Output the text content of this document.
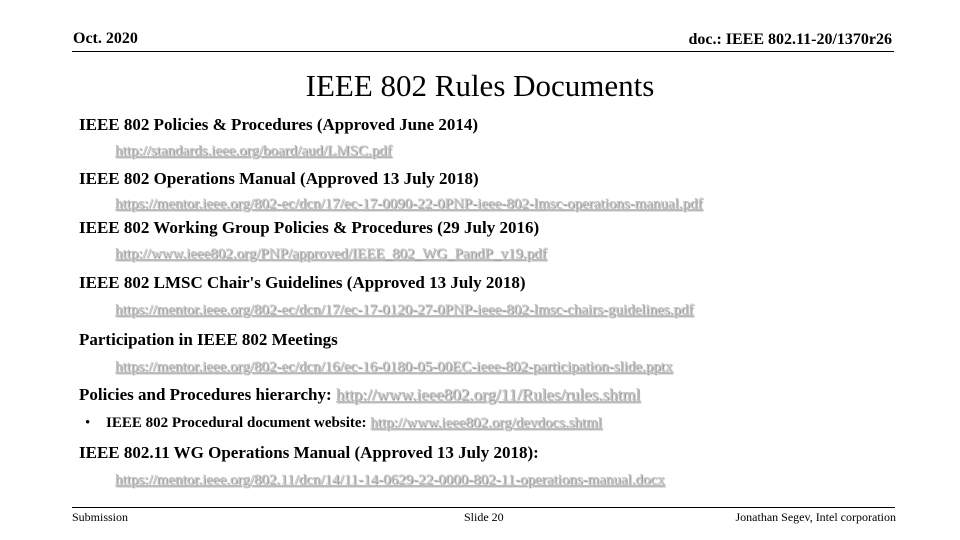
Oct. 2020	doc.: IEEE 802.11-20/1370r26
IEEE 802 Rules Documents
IEEE 802 Policies & Procedures (Approved June 2014)
http://standards.ieee.org/board/aud/LMSC.pdf
IEEE 802 Operations Manual (Approved 13 July 2018)
https://mentor.ieee.org/802-ec/dcn/17/ec-17-0090-22-0PNP-ieee-802-lmsc-operations-manual.pdf
IEEE 802 Working Group Policies & Procedures (29 July 2016)
http://www.ieee802.org/PNP/approved/IEEE_802_WG_PandP_v19.pdf
IEEE 802 LMSC Chair's Guidelines (Approved 13 July 2018)
https://mentor.ieee.org/802-ec/dcn/17/ec-17-0120-27-0PNP-ieee-802-lmsc-chairs-guidelines.pdf
Participation in IEEE 802 Meetings
https://mentor.ieee.org/802-ec/dcn/16/ec-16-0180-05-00EC-ieee-802-participation-slide.pptx
Policies and Procedures hierarchy: http://www.ieee802.org/11/Rules/rules.shtml
• IEEE 802 Procedural document website: http://www.ieee802.org/devdocs.shtml
IEEE 802.11 WG Operations Manual (Approved 13 July 2018):
https://mentor.ieee.org/802.11/dcn/14/11-14-0629-22-0000-802-11-operations-manual.docx
Submission	Slide 20	Jonathan Segev, Intel corporation
